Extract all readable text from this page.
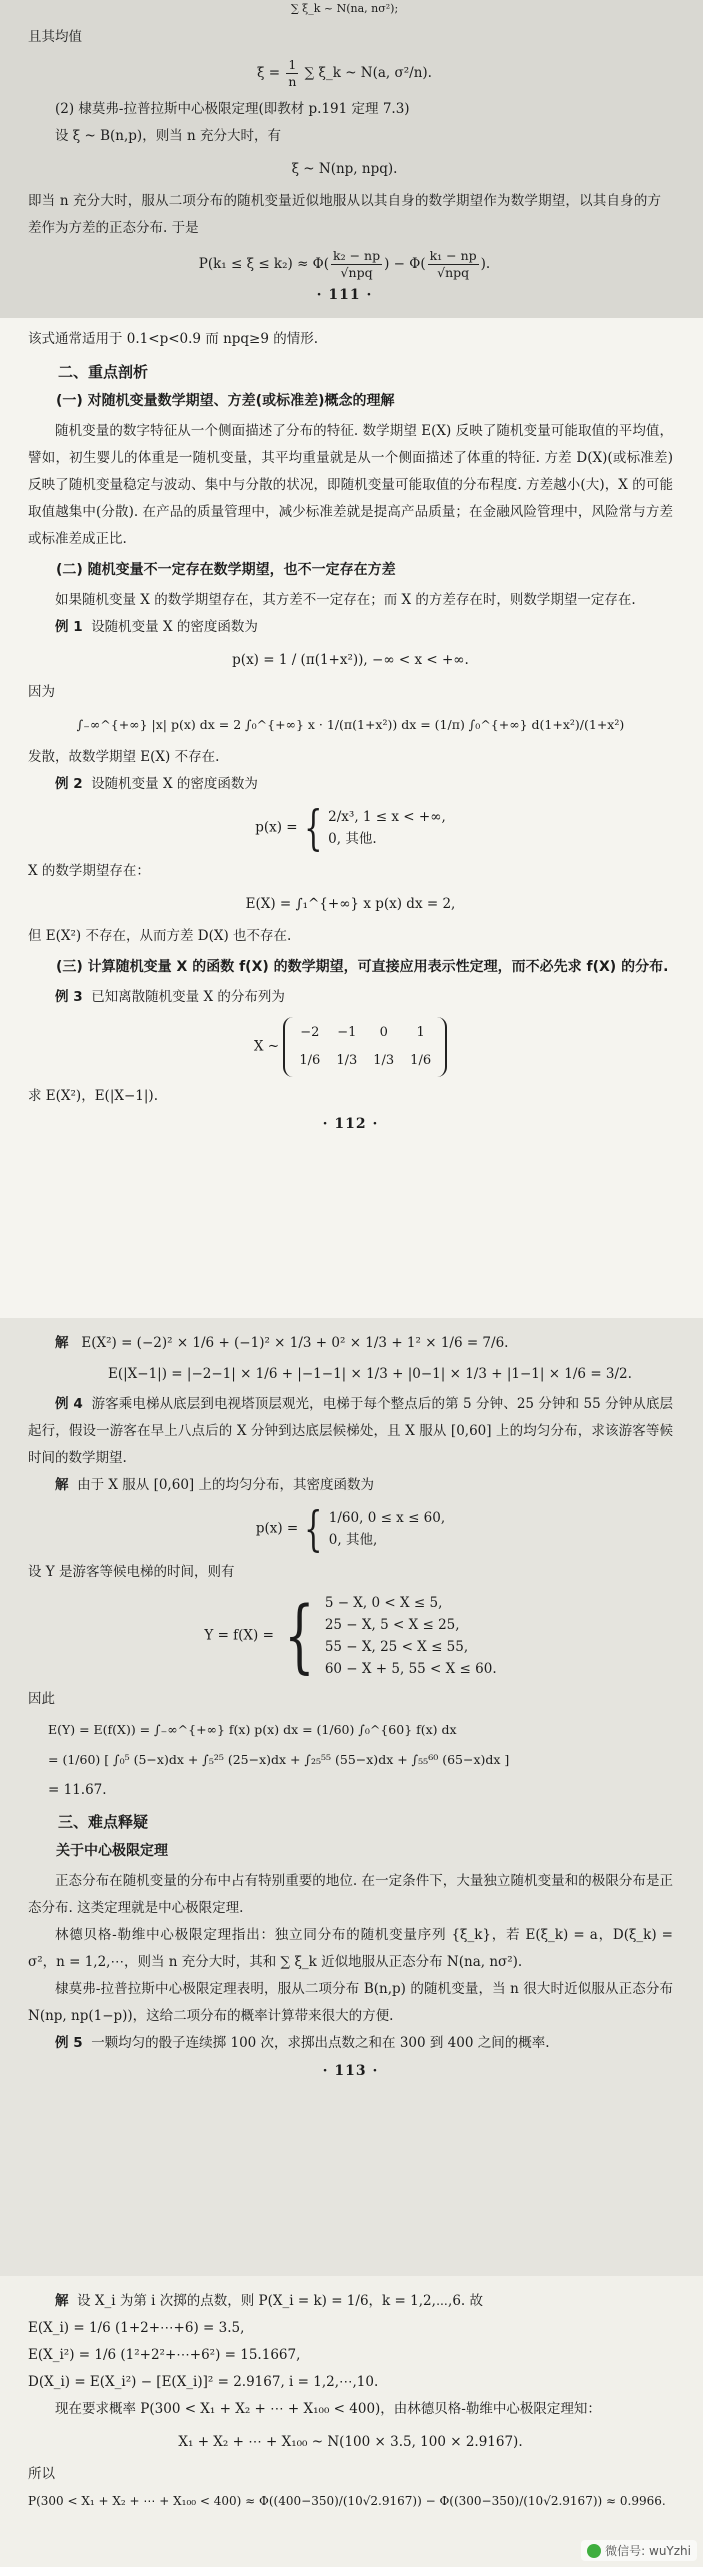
∑ ξ_k ~ N(na, nσ²);

且其均值

ξ̄ = $\frac{1}{n}$ ∑ ξ_k ~ N(a, σ²/n).

(2) 棣莫弗-拉普拉斯中心极限定理(即教材 p.191 定理 7.3)

设 ξ ~ B(n,p)，则当 n 充分大时，有

ξ ~ N(np, npq).

即当 n 充分大时，服从二项分布的随机变量近似地服从以其自身的数学期望作为数学期望，以其自身的方差作为方差的正态分布. 于是

$P(k_1 \le \xi \le k_2) \approx \Phi( \frac{\text{k₂ − np}}{\text{√npq}}$ ) − $\Phi( \frac{\text{k₁ − np}}{\text{√npq}}$ ).

· 111 ·

该式通常适用于 0.1<p<0.9 而 npq≥9 的情形.

二、重点剖析
(一) 对随机变量数学期望、方差(或标准差)概念的理解

随机变量的数字特征从一个侧面描述了分布的特征. 数学期望 E(X) 反映了随机变量可能取值的平均值，譬如，初生婴儿的体重是一随机变量，其平均重量就是从一个侧面描述了体重的特征. 方差 D(X)(或标准差) 反映了随机变量稳定与波动、集中与分散的状况，即随机变量可能取值的分布程度. 方差越小(大)，X 的可能取值越集中(分散). 在产品的质量管理中，减少标准差就是提高产品质量；在金融风险管理中，风险常与方差或标准差成正比.

(二) 随机变量不一定存在数学期望，也不一定存在方差

如果随机变量 X 的数学期望存在，其方差不一定存在；而 X 的方差存在时，则数学期望一定存在.

例 1 设随机变量 X 的密度函数为

p(x) = 1 / (π(1+x²)), −∞ < x < +∞.

因为

∫₋∞^{+∞} |x| p(x) dx = 2 ∫₀^{+∞} x · 1/(π(1+x²)) dx = (1/π) ∫₀^{+∞} d(1+x²)/(1+x²)

发散，故数学期望 E(X) 不存在.

例 2 设随机变量 X 的密度函数为

p(x) = { 2/x³, 1 ≤ x < +∞,
0, 其他.

X 的数学期望存在：

E(X) = ∫₁^{+∞} x p(x) dx = 2,

但 E(X²) 不存在，从而方差 D(X) 也不存在.

(三) 计算随机变量 X 的函数 f(X) 的数学期望，可直接应用表示性定理，而不必先求 f(X) 的分布.

例 3 已知离散随机变量 X 的分布列为

X ~
−2	−1	0	1
1/6	1/3	1/3	1/6

求 E(X²)，E(|X−1|).

· 112 ·

解 E(X²) = (−2)² × 1/6 + (−1)² × 1/3 + 0² × 1/3 + 1² × 1/6 = 7/6.

E(|X−1|) = |−2−1| × 1/6 + |−1−1| × 1/3 + |0−1| × 1/3 + |1−1| × 1/6 = 3/2.

例 4 游客乘电梯从底层到电视塔顶层观光，电梯于每个整点后的第 5 分钟、25 分钟和 55 分钟从底层起行，假设一游客在早上八点后的 X 分钟到达底层候梯处，且 X 服从 [0,60] 上的均匀分布，求该游客等候时间的数学期望.

解 由于 X 服从 [0,60] 上的均匀分布，其密度函数为

p(x) = { 1/60, 0 ≤ x ≤ 60,
0, 其他,

设 Y 是游客等候电梯的时间，则有

Y = f(X) = { 5 − X, 0 < X ≤ 5,
25 − X, 5 < X ≤ 25,
55 − X, 25 < X ≤ 55,
60 − X + 5, 55 < X ≤ 60.

因此

E(Y) = E(f(X)) = ∫₋∞^{+∞} f(x) p(x) dx = (1/60) ∫₀^{60} f(x) dx

= (1/60) [ ∫₀⁵ (5−x)dx + ∫₅²⁵ (25−x)dx + ∫₂₅⁵⁵ (55−x)dx + ∫₅₅⁶⁰ (65−x)dx ]

= 11.67.

三、难点释疑
关于中心极限定理

正态分布在随机变量的分布中占有特别重要的地位. 在一定条件下，大量独立随机变量和的极限分布是正态分布. 这类定理就是中心极限定理.

林德贝格-勒维中心极限定理指出：独立同分布的随机变量序列 {ξ_k}，若 E(ξ_k) = a，D(ξ_k) = σ²，n = 1,2,⋯，则当 n 充分大时，其和 ∑ ξ_k 近似地服从正态分布 N(na, nσ²).

棣莫弗-拉普拉斯中心极限定理表明，服从二项分布 B(n,p) 的随机变量，当 n 很大时近似服从正态分布 N(np, np(1−p))，这给二项分布的概率计算带来很大的方便.

例 5 一颗均匀的骰子连续掷 100 次，求掷出点数之和在 300 到 400 之间的概率.

· 113 ·

解 设 X_i 为第 i 次掷的点数，则 P(X_i = k) = 1/6，k = 1,2,⋯,6. 故

E(X_i) = 1/6 (1+2+⋯+6) = 3.5,

E(X_i²) = 1/6 (1²+2²+⋯+6²) = 15.1667,

D(X_i) = E(X_i²) − [E(X_i)]² = 2.9167, i = 1,2,⋯,10.

现在要求概率 P(300 < X₁ + X₂ + ⋯ + X₁₀₀ < 400)，由林德贝格-勒维中心极限定理知：

X₁ + X₂ + ⋯ + X₁₀₀ ~ N(100 × 3.5, 100 × 2.9167).

所以

P(300 < X₁ + X₂ + ⋯ + X₁₀₀ < 400) ≈ Φ((400−350)/(10√2.9167)) − Φ((300−350)/(10√2.9167)) ≈ 0.9966.

微信号: wuYzhi
